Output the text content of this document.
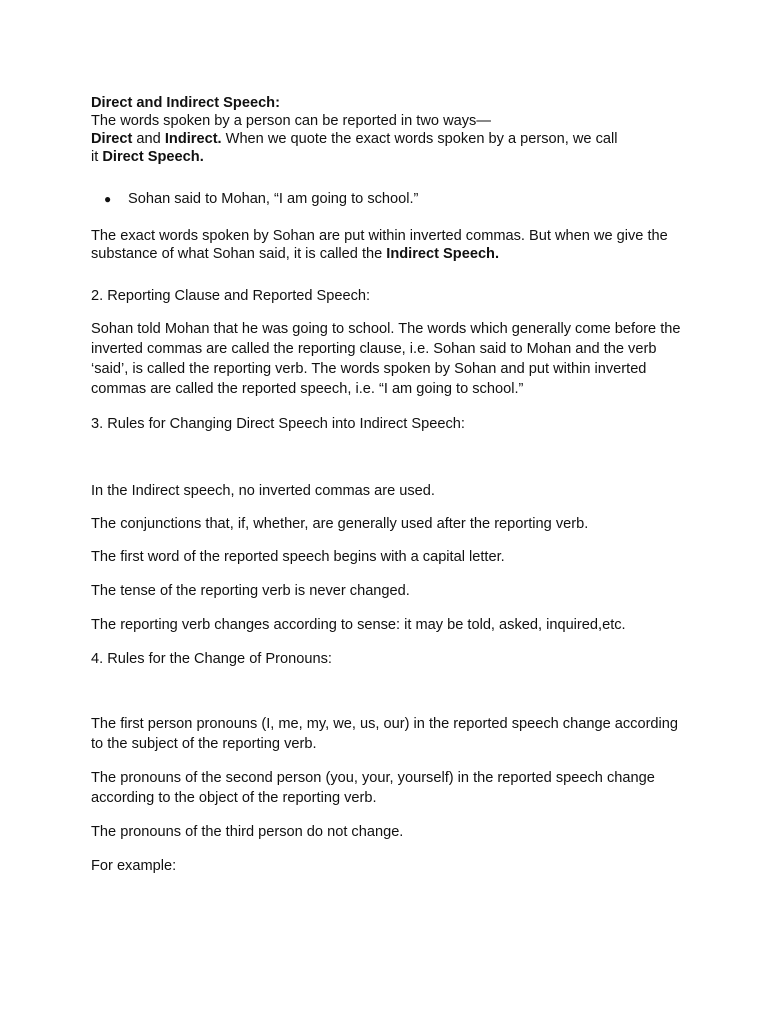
Direct and Indirect Speech:
The words spoken by a person can be reported in two ways—
Direct and Indirect. When we quote the exact words spoken by a person, we call
it Direct Speech.
●	Sohan said to Mohan, “I am going to school.”

The exact words spoken by Sohan are put within inverted commas. But when we give the substance of what Sohan said, it is called the Indirect Speech.

2. Reporting Clause and Reported Speech:

Sohan told Mohan that he was going to school. The words which generally come before the inverted commas are called the reporting clause, i.e. Sohan said to Mohan and the verb ‘said’, is called the reporting verb. The words spoken by Sohan and put within inverted commas are called the reported speech, i.e. “I am going to school.”

3. Rules for Changing Direct Speech into Indirect Speech:

In the Indirect speech, no inverted commas are used.

The conjunctions that, if, whether, are generally used after the reporting verb.

The first word of the reported speech begins with a capital letter.

The tense of the reporting verb is never changed.

The reporting verb changes according to sense: it may be told, asked, inquired,etc.

4. Rules for the Change of Pronouns:

The first person pronouns (I, me, my, we, us, our) in the reported speech change according to the subject of the reporting verb.

The pronouns of the second person (you, your, yourself) in the reported speech change according to the object of the reporting verb.

The pronouns of the third person do not change.

For example:
